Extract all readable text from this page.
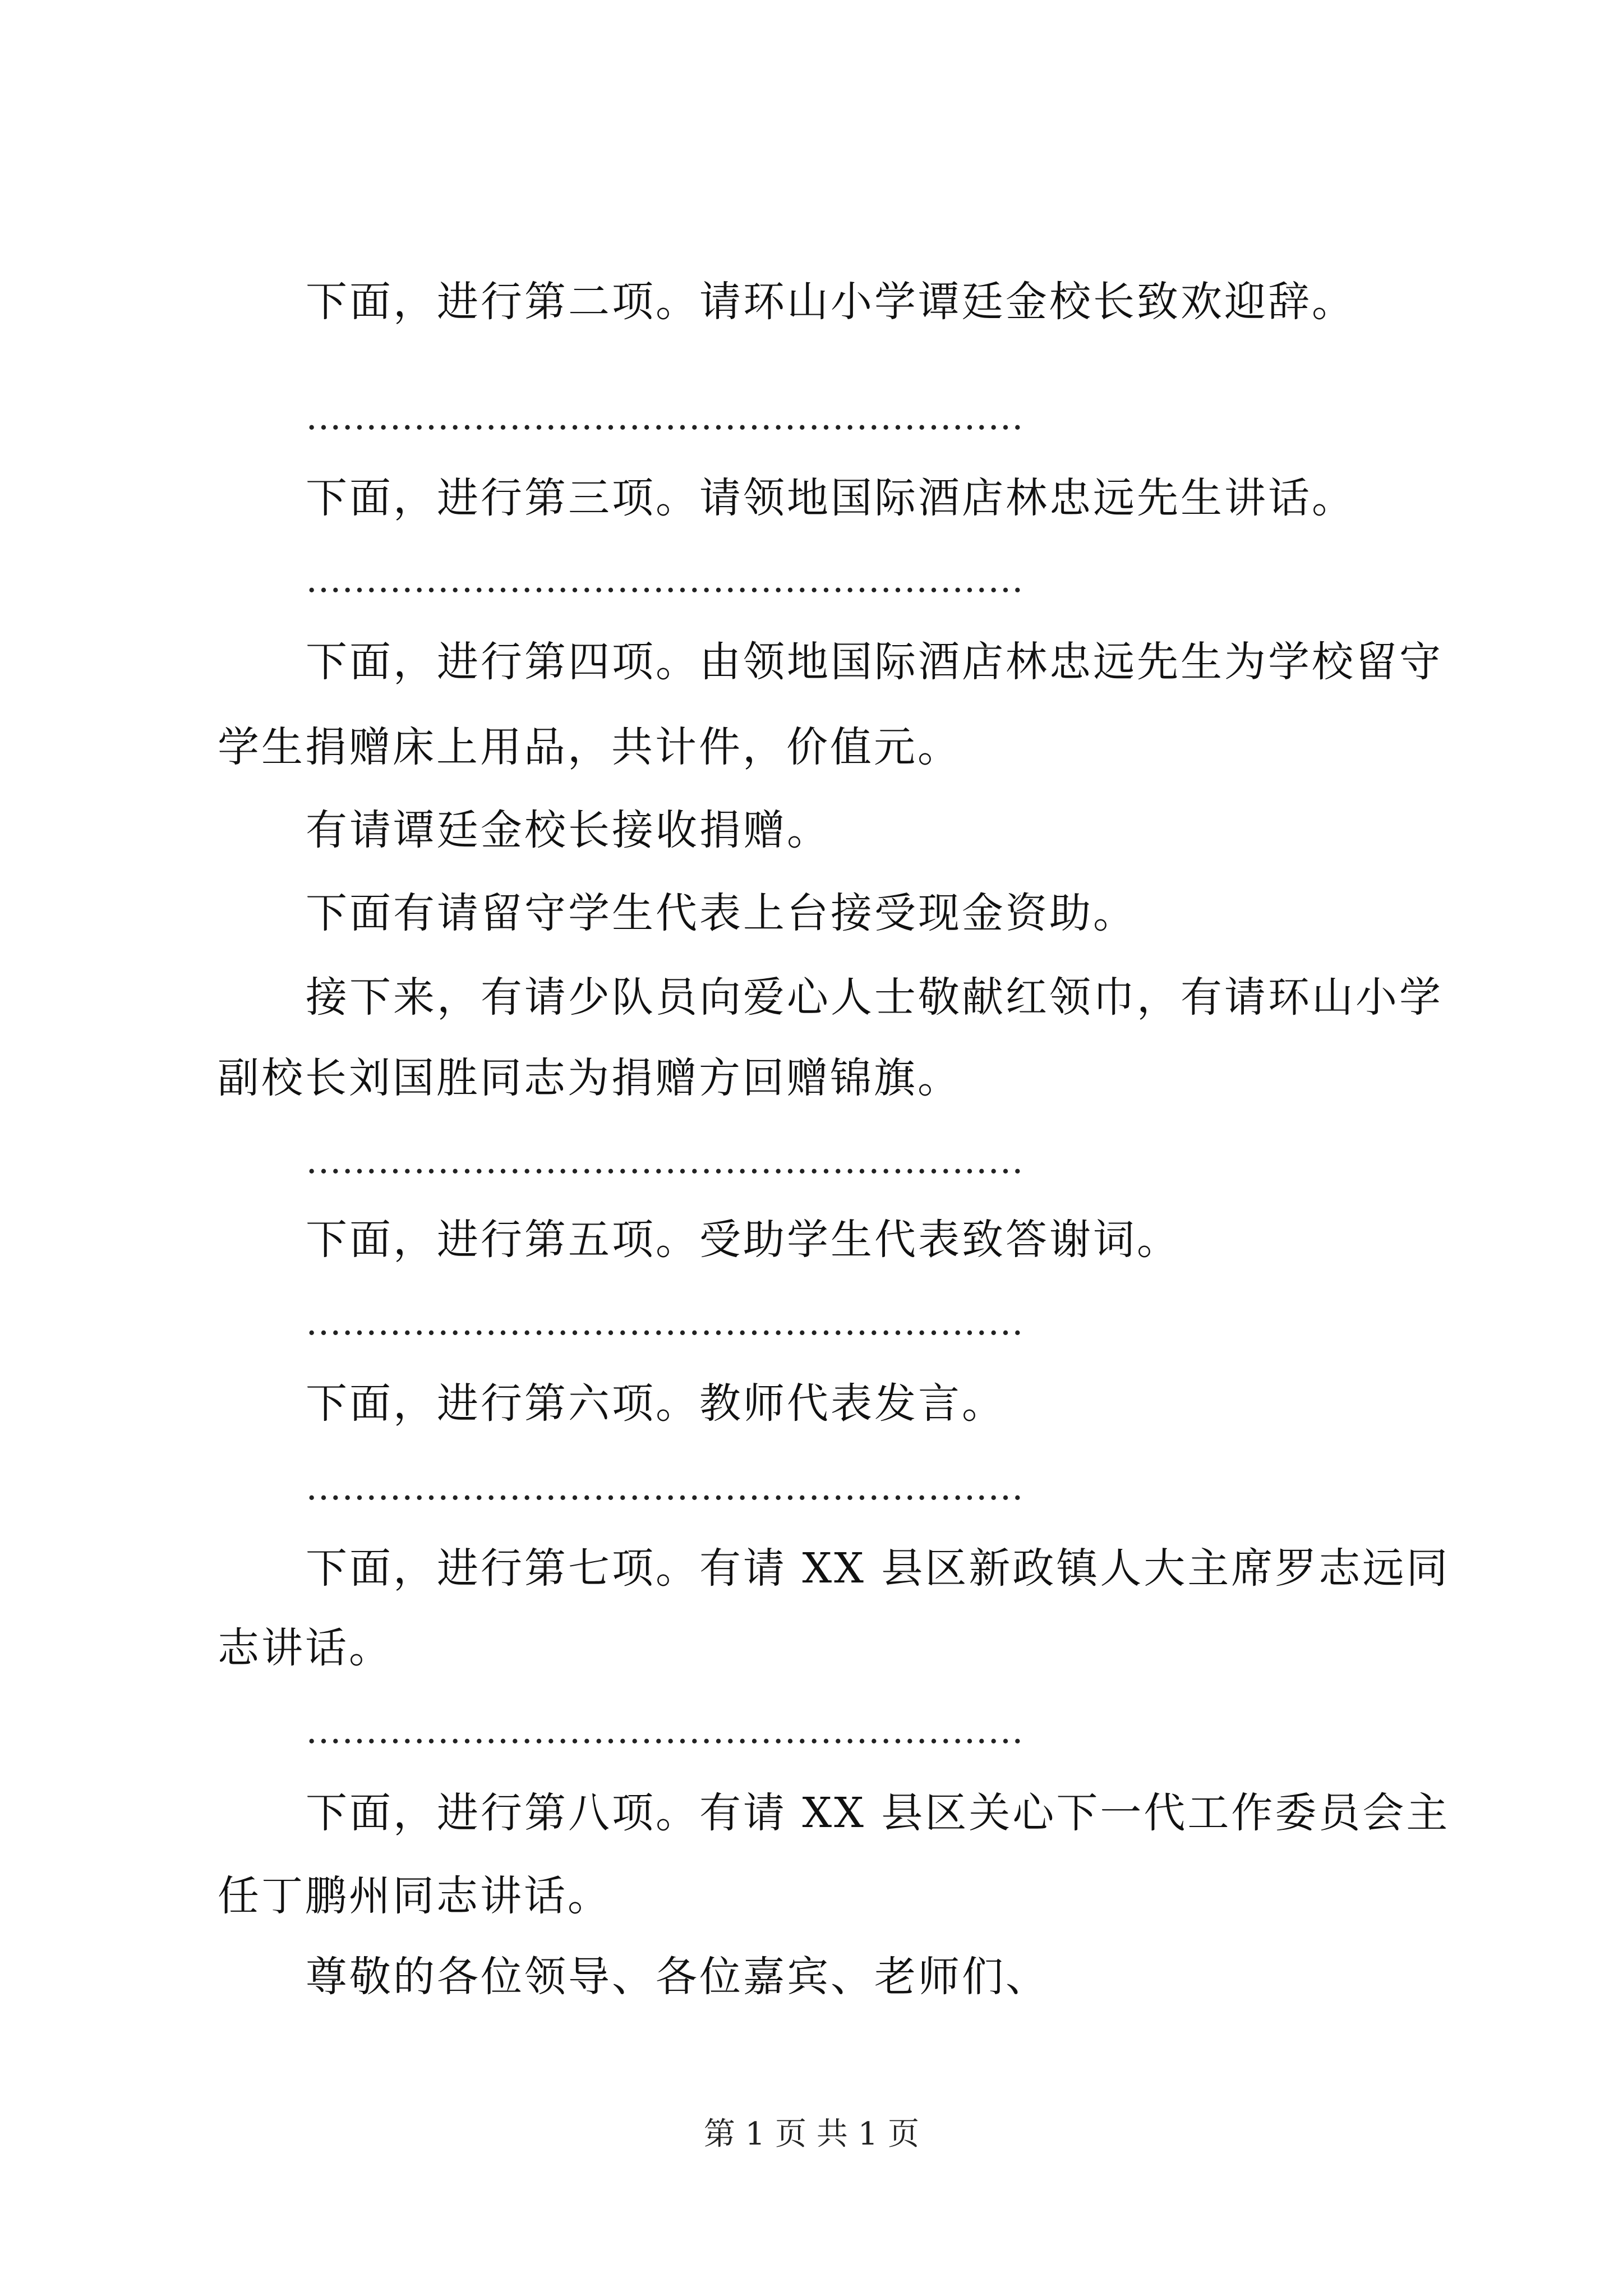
下面，进行第二项。请环山小学谭廷金校长致欢迎辞。
……………………………………………………
下面，进行第三项。请领地国际酒店林忠远先生讲话。
……………………………………………………
下面，进行第四项。由领地国际酒店林忠远先生为学校留守
学生捐赠床上用品，共计件，价值元。
有请谭廷金校长接收捐赠。
下面有请留守学生代表上台接受现金资助。
接下来，有请少队员向爱心人士敬献红领巾，有请环山小学
副校长刘国胜同志为捐赠方回赠锦旗。
……………………………………………………
下面，进行第五项。受助学生代表致答谢词。
……………………………………………………
下面，进行第六项。教师代表发言。
……………………………………………………
下面，进行第七项。有请 XX 县区新政镇人大主席罗志远同
志讲话。
……………………………………………………
下面，进行第八项。有请 XX 县区关心下一代工作委员会主
任丁鹏州同志讲话。
尊敬的各位领导、各位嘉宾、老师们、
第 1 页 共 1 页
